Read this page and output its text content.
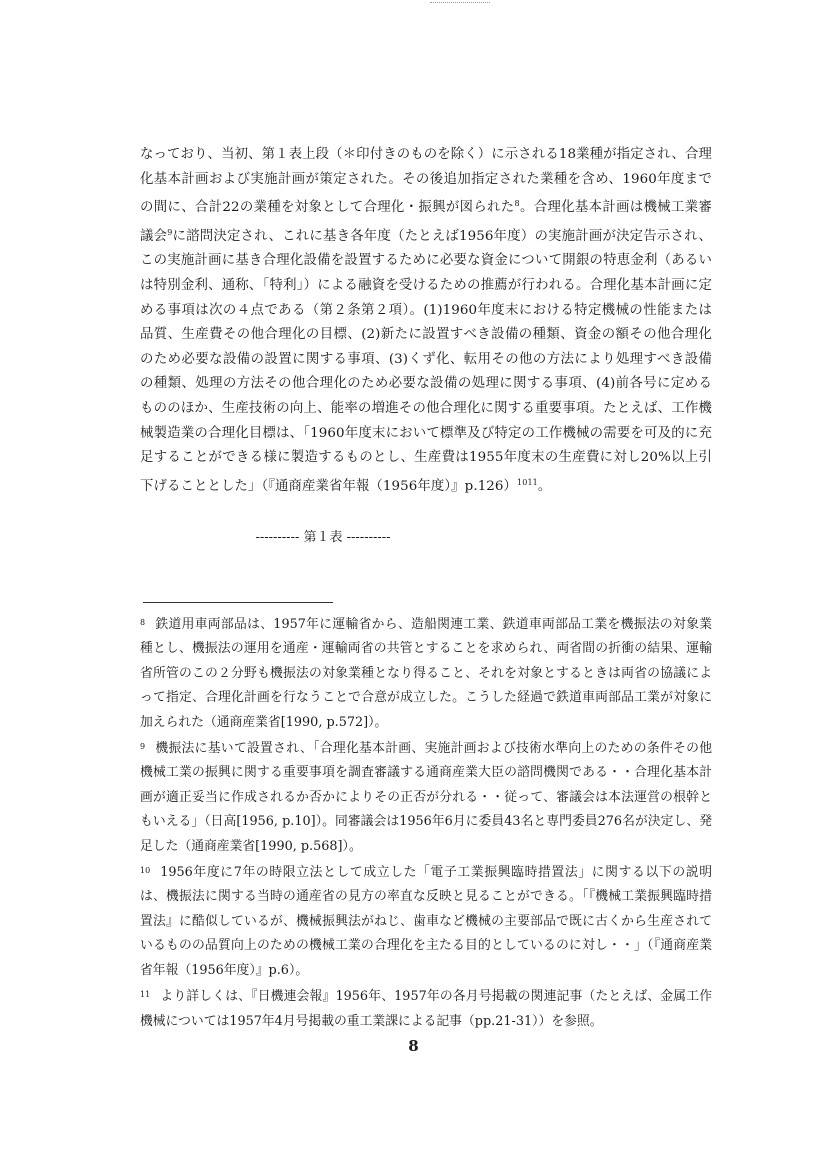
なっており、当初、第１表上段（＊印付きのものを除く）に示される18業種が指定され、合理化基本計画および実施計画が策定された。その後追加指定された業種を含め、1960年度までの間に、合計22の業種を対象として合理化・振興が図られた$^8$。合理化基本計画は機械工業審議会$^9$に諮問決定され、これに基き各年度（たとえば1956年度）の実施計画が決定告示され、この実施計画に基き合理化設備を設置するために必要な資金について開銀の特恵金利（あるいは特別金利、通称、「特利」）による融資を受けるための推薦が行われる。合理化基本計画に定める事項は次の４点である（第２条第２項）。(1)1960年度末における特定機械の性能または品質、生産費その他合理化の目標、(2)新たに設置すべき設備の種類、資金の額その他合理化のため必要な設備の設置に関する事項、(3)くず化、転用その他の方法により処理すべき設備の種類、処理の方法その他合理化のため必要な設備の処理に関する事項、(4)前各号に定めるもののほか、生産技術の向上、能率の増進その他合理化に関する重要事項。たとえば、工作機械製造業の合理化目標は、「1960年度末において標準及び特定の工作機械の需要を可及的に充足することができる様に製造するものとし、生産費は1955年度末の生産費に対し20%以上引下げることとした」（『通商産業省年報（1956年度）』p.126）$^{1011}$。

---------- 第１表 ----------

$^8$ 鉄道用車両部品は、1957年に運輸省から、造船関連工業、鉄道車両部品工業を機振法の対象業種とし、機振法の運用を通産・運輸両省の共管とすることを求められ、両省間の折衝の結果、運輸省所管のこの２分野も機振法の対象業種となり得ること、それを対象とするときは両省の協議によって指定、合理化計画を行なうことで合意が成立した。こうした経過で鉄道車両部品工業が対象に加えられた（通商産業省[1990, p.572]）。

$^9$ 機振法に基いて設置され、「合理化基本計画、実施計画および技術水準向上のための条件その他機械工業の振興に関する重要事項を調査審議する通商産業大臣の諮問機関である・・合理化基本計画が適正妥当に作成されるか否かによりその正否が分れる・・従って、審議会は本法運営の根幹ともいえる」（日高[1956, p.10]）。同審議会は1956年6月に委員43名と専門委員276名が決定し、発足した（通商産業省[1990, p.568]）。

$^{10}$ 1956年度に7年の時限立法として成立した「電子工業振興臨時措置法」に関する以下の説明は、機振法に関する当時の通産省の見方の率直な反映と見ることができる。「『機械工業振興臨時措置法』に酷似しているが、機械振興法がねじ、歯車など機械の主要部品で既に古くから生産されているものの品質向上のための機械工業の合理化を主たる目的としているのに対し・・」（『通商産業省年報（1956年度）』p.6）。

$^{11}$ より詳しくは、『日機連会報』1956年、1957年の各月号掲載の関連記事（たとえば、金属工作機械については1957年4月号掲載の重工業課による記事（pp.21-31））を参照。

8
